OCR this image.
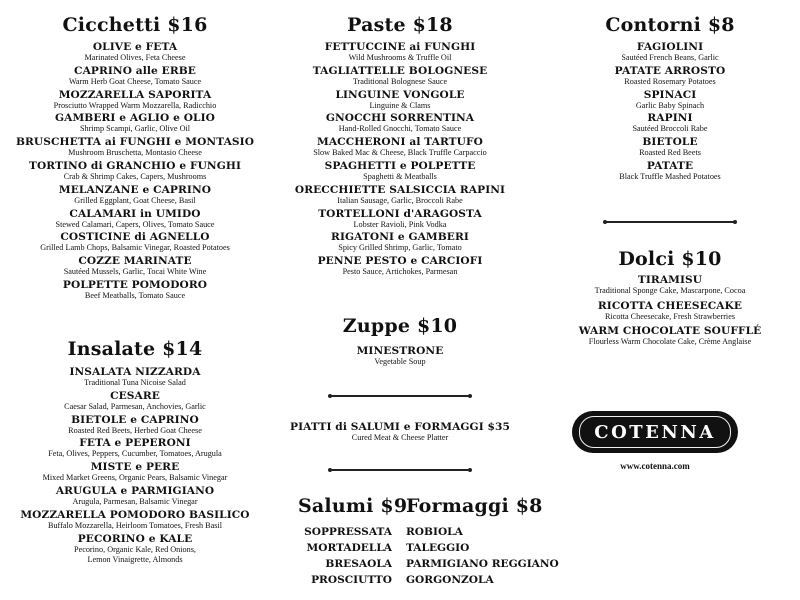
Cicchetti $16
OLIVE e FETA
Marinated Olives, Feta Cheese
CAPRINO alle ERBE
Warm Herb Goat Cheese, Tomato Sauce
MOZZARELLA SAPORITA
Prosciutto Wrapped Warm Mozzarella, Radicchio
GAMBERI e AGLIO e OLIO
Shrimp Scampi, Garlic, Olive Oil
BRUSCHETTA ai FUNGHI e MONTASIO
Mushroom Bruschetta, Montasio Cheese
TORTINO di GRANCHIO e FUNGHI
Crab & Shrimp Cakes, Capers, Mushrooms
MELANZANE e CAPRINO
Grilled Eggplant, Goat Cheese, Basil
CALAMARI in UMIDO
Stewed Calamari, Capers, Olives, Tomato Sauce
COSTICINE di AGNELLO
Grilled Lamb Chops, Balsamic Vinegar, Roasted Potatoes
COZZE MARINATE
Sautéed Mussels, Garlic, Tocai White Wine
POLPETTE POMODORO
Beef Meatballs, Tomato Sauce
Insalate $14
INSALATA NIZZARDA
Traditional Tuna Nicoise Salad
CESARE
Caesar Salad, Parmesan, Anchovies, Garlic
BIETOLE e CAPRINO
Roasted Red Beets, Herbed Goat Cheese
FETA e PEPERONI
Feta, Olives, Peppers, Cucumber, Tomatoes, Arugula
MISTE e PERE
Mixed Market Greens, Organic Pears, Balsamic Vinegar
ARUGULA e PARMIGIANO
Arugula, Parmesan, Balsamic Vinegar
MOZZARELLA POMODORO BASILICO
Buffalo Mozzarella, Heirloom Tomatoes, Fresh Basil
PECORINO e KALE
Pecorino, Organic Kale, Red Onions,
Lemon Vinaigrette, Almonds
Paste $18
FETTUCCINE ai FUNGHI
Wild Mushrooms & Truffle Oil
TAGLIATTELLE BOLOGNESE
Traditional Bolognese Sauce
LINGUINE VONGOLE
Linguine & Clams
GNOCCHI SORRENTINA
Hand-Rolled Gnocchi, Tomato Sauce
MACCHERONI al TARTUFO
Slow Baked Mac & Cheese, Black Truffle Carpaccio
SPAGHETTI e POLPETTE
Spaghetti & Meatballs
ORECCHIETTE SALSICCIA RAPINI
Italian Sausage, Garlic, Broccoli Rabe
TORTELLONI d'ARAGOSTA
Lobster Ravioli, Pink Vodka
RIGATONI e GAMBERI
Spicy Grilled Shrimp, Garlic, Tomato
PENNE PESTO e CARCIOFI
Pesto Sauce, Artichokes, Parmesan
Zuppe $10
MINESTRONE
Vegetable Soup
PIATTI di SALUMI e FORMAGGI $35
Cured Meat & Cheese Platter
Salumi $9
Formaggi $8
SOPPRESSATA
MORTADELLA
BRESAOLA
PROSCIUTTO
ROBIOLA
TALEGGIO
PARMIGIANO REGGIANO
GORGONZOLA
Contorni $8
FAGIOLINI
Sautéed French Beans, Garlic
PATATE ARROSTO
Roasted Rosemary Potatoes
SPINACI
Garlic Baby Spinach
RAPINI
Sautéed Broccoli Rabe
BIETOLE
Roasted Red Beets
PATATE
Black Truffle Mashed Potatoes
Dolci $10
TIRAMISU
Traditional Sponge Cake, Mascarpone, Cocoa
RICOTTA CHEESECAKE
Ricotta Cheesecake, Fresh Strawberries
WARM CHOCOLATE SOUFFLÉ
Flourless Warm Chocolate Cake, Crème Anglaise
COTENNA
www.cotenna.com
